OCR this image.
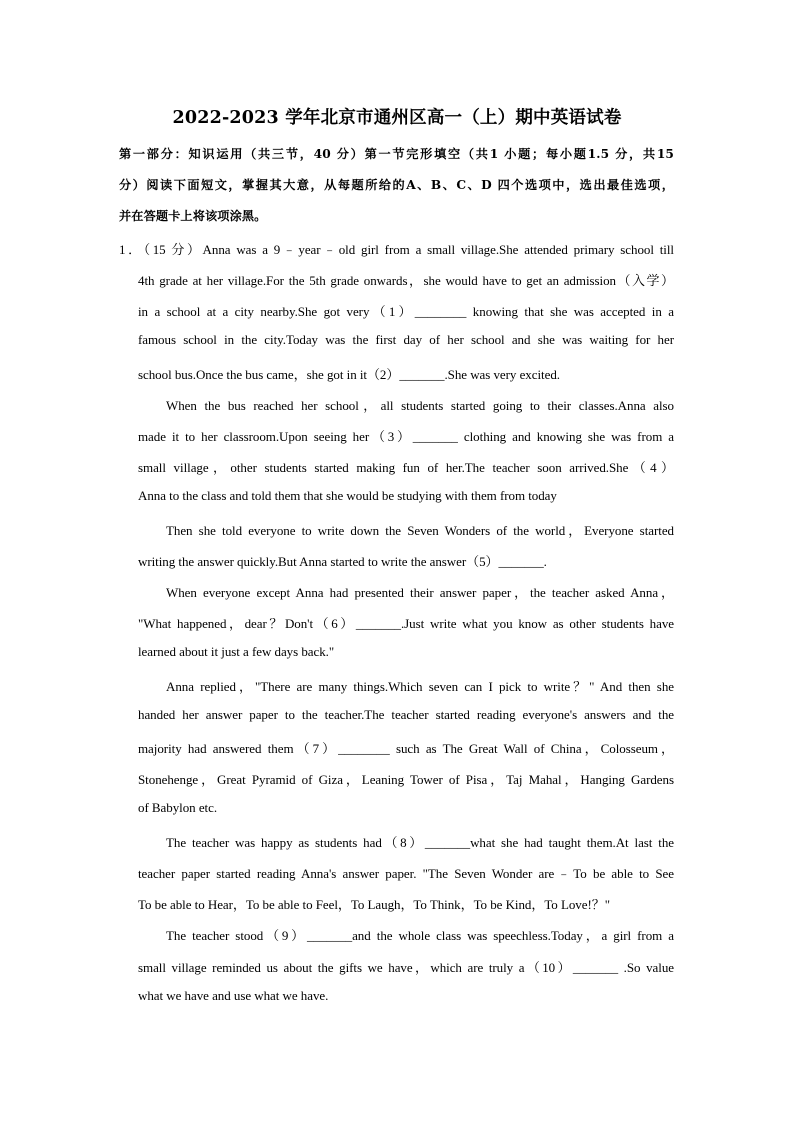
2022-2023 学年北京市通州区高一（上）期中英语试卷
第一部分：知识运用（共三节，40 分）第一节完形填空（共1 小题；每小题1.5 分，共15
分）阅读下面短文，掌握其大意，从每题所给的A、B、C、D 四个选项中，选出最佳选项，
并在答题卡上将该项涂黑。
1．（15 分）Anna was a 9﹣year﹣old girl from a small village.She attended primary school till
4th grade at her village.For the 5th grade onwards，she would have to get an admission（入学）
in a school at a city nearby.She got very（1）________ knowing that she was accepted in a
famous school in the city.Today was the first day of her school and she was waiting for her
school bus.Once the bus came，she got in it（2）_______.She was very excited.
When the bus reached her school，all students started going to their classes.Anna also
made it to her classroom.Upon seeing her（3）_______ clothing and knowing she was from a
small village，other students started making fun of her.The teacher soon arrived.She（4）
Anna to the class and told them that she would be studying with them from today
Then she told everyone to write down the Seven Wonders of the world，Everyone started
writing the answer quickly.But Anna started to write the answer（5）_______.
When everyone except Anna had presented their answer paper，the teacher asked Anna，
"What happened，dear？Don't（6）_______.Just write what you know as other students have
learned about it just a few days back."
Anna replied，"There are many things.Which seven can I pick to write？" And then she
handed her answer paper to the teacher.The teacher started reading everyone's answers and the
majority had answered them（7）________ such as The Great Wall of China，Colosseum，
Stonehenge，Great Pyramid of Giza，Leaning Tower of Pisa，Taj Mahal，Hanging Gardens
of Babylon etc.
The teacher was happy as students had（8）_______what she had taught them.At last the
teacher paper started reading Anna's answer paper. "The Seven Wonder are﹣To be able to See
To be able to Hear，To be able to Feel，To Laugh，To Think，To be Kind，To Love!？"
The teacher stood（9）_______and the whole class was speechless.Today，a girl from a
small village reminded us about the gifts we have，which are truly a（10）_______ .So value
what we have and use what we have.
